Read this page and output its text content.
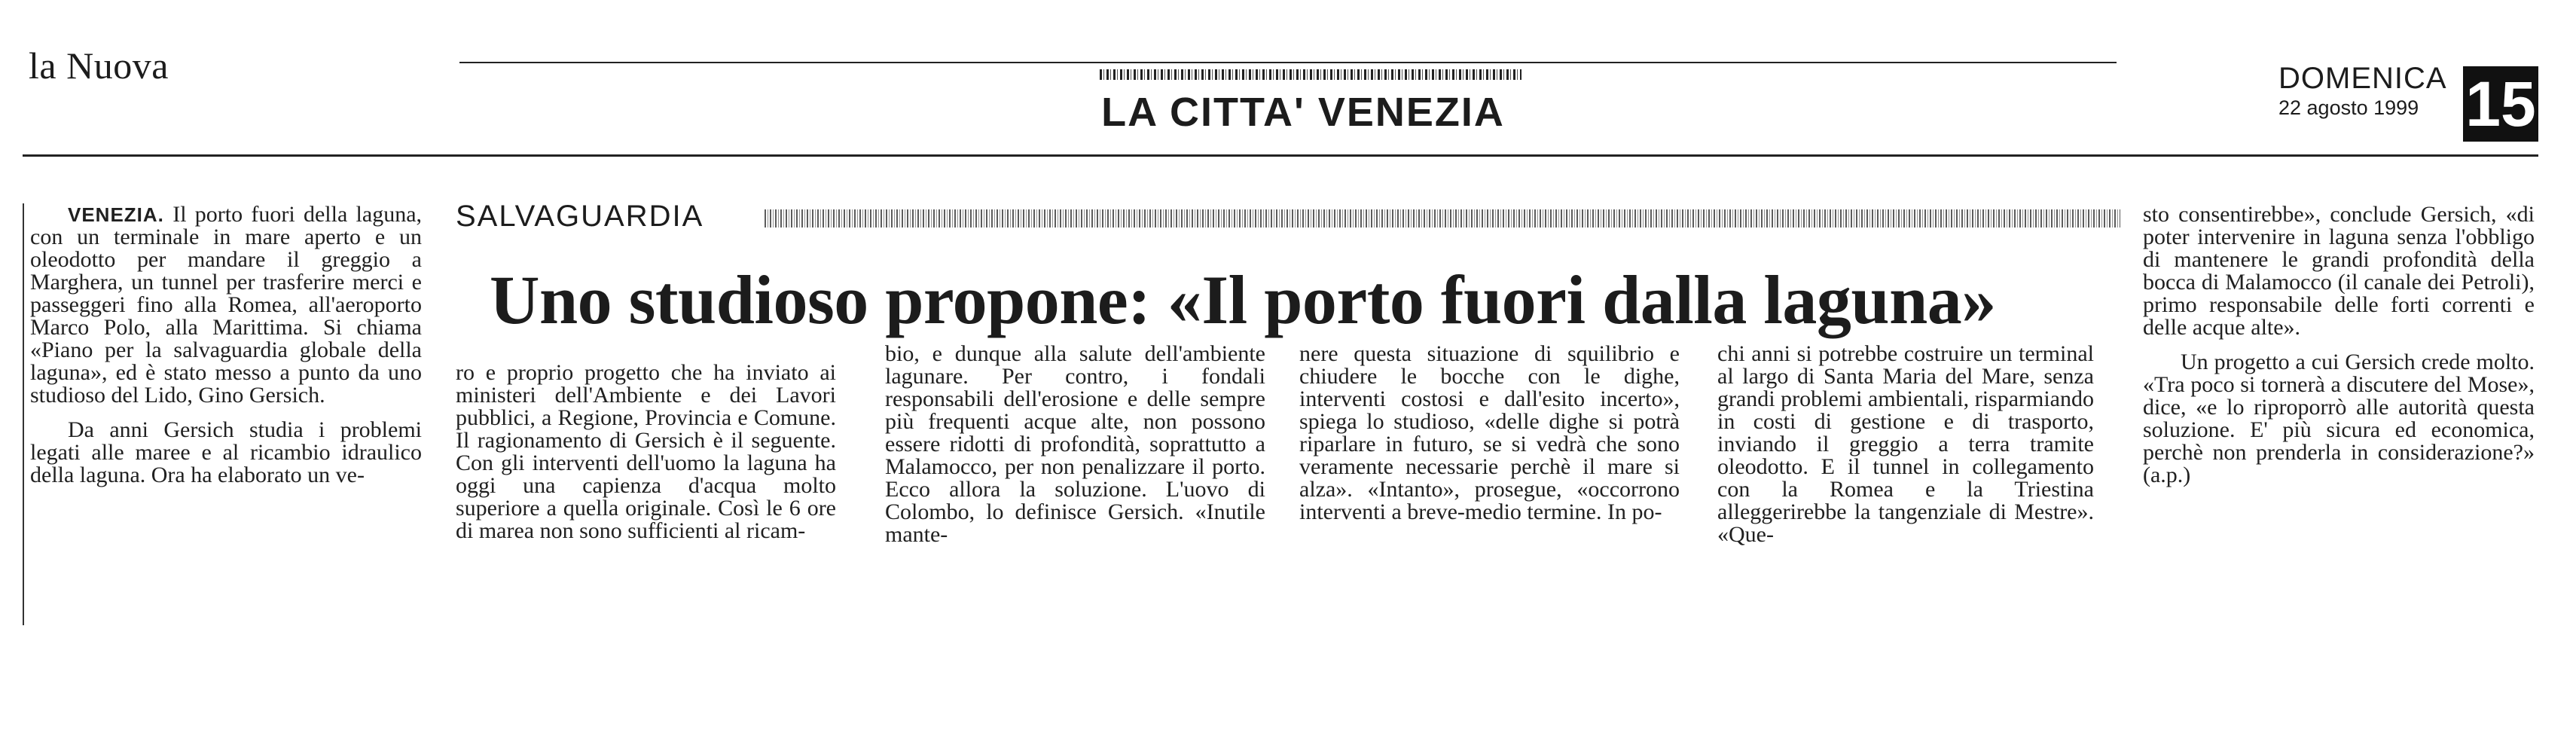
la Nuova
LA CITTA' VENEZIA
DOMENICA
22 agosto 1999 15

VENEZIA. Il porto fuori della laguna, con un terminale in mare aperto e un oleodotto per mandare il greggio a Marghera, un tunnel per trasferire merci e passeggeri fino alla Romea, all'aeroporto Marco Polo, alla Marittima. Si chiama «Piano per la salvaguardia globale della laguna», ed è stato messo a punto da uno studioso del Lido, Gino Gersich.

Da anni Gersich studia i problemi legati alle maree e al ricambio idraulico della laguna. Ora ha elaborato un ve-

SALVAGUARDIA
Uno studioso propone: «Il porto fuori dalla laguna»

ro e proprio progetto che ha inviato ai ministeri dell'Ambiente e dei Lavori pubblici, a Regione, Provincia e Comune. Il ragionamento di Gersich è il seguente. Con gli interventi dell'uomo la laguna ha oggi una capienza d'acqua molto superiore a quella originale. Così le 6 ore di marea non sono sufficienti al ricam-

bio, e dunque alla salute dell'ambiente lagunare. Per contro, i fondali responsabili dell'erosione e delle sempre più frequenti acque alte, non possono essere ridotti di profondità, soprattutto a Malamocco, per non penalizzare il porto. Ecco allora la soluzione. L'uovo di Colombo, lo definisce Gersich. «Inutile mante-

nere questa situazione di squilibrio e chiudere le bocche con le dighe, interventi costosi e dall'esito incerto», spiega lo studioso, «delle dighe si potrà riparlare in futuro, se si vedrà che sono veramente necessarie perchè il mare si alza». «Intanto», prosegue, «occorrono interventi a breve-medio termine. In po-

chi anni si potrebbe costruire un terminal al largo di Santa Maria del Mare, senza grandi problemi ambientali, risparmiando in costi di gestione e di trasporto, inviando il greggio a terra tramite oleodotto. E il tunnel in collegamento con la Romea e la Triestina alleggerirebbe la tangenziale di Mestre». «Que-

sto consentirebbe», conclude Gersich, «di poter intervenire in laguna senza l'obbligo di mantenere le grandi profondità della bocca di Malamocco (il canale dei Petroli), primo responsabile delle forti correnti e delle acque alte».

Un progetto a cui Gersich crede molto. «Tra poco si tornerà a discutere del Mose», dice, «e lo riproporrò alle autorità questa soluzione. E' più sicura ed economica, perchè non prenderla in considerazione?» (a.p.)
